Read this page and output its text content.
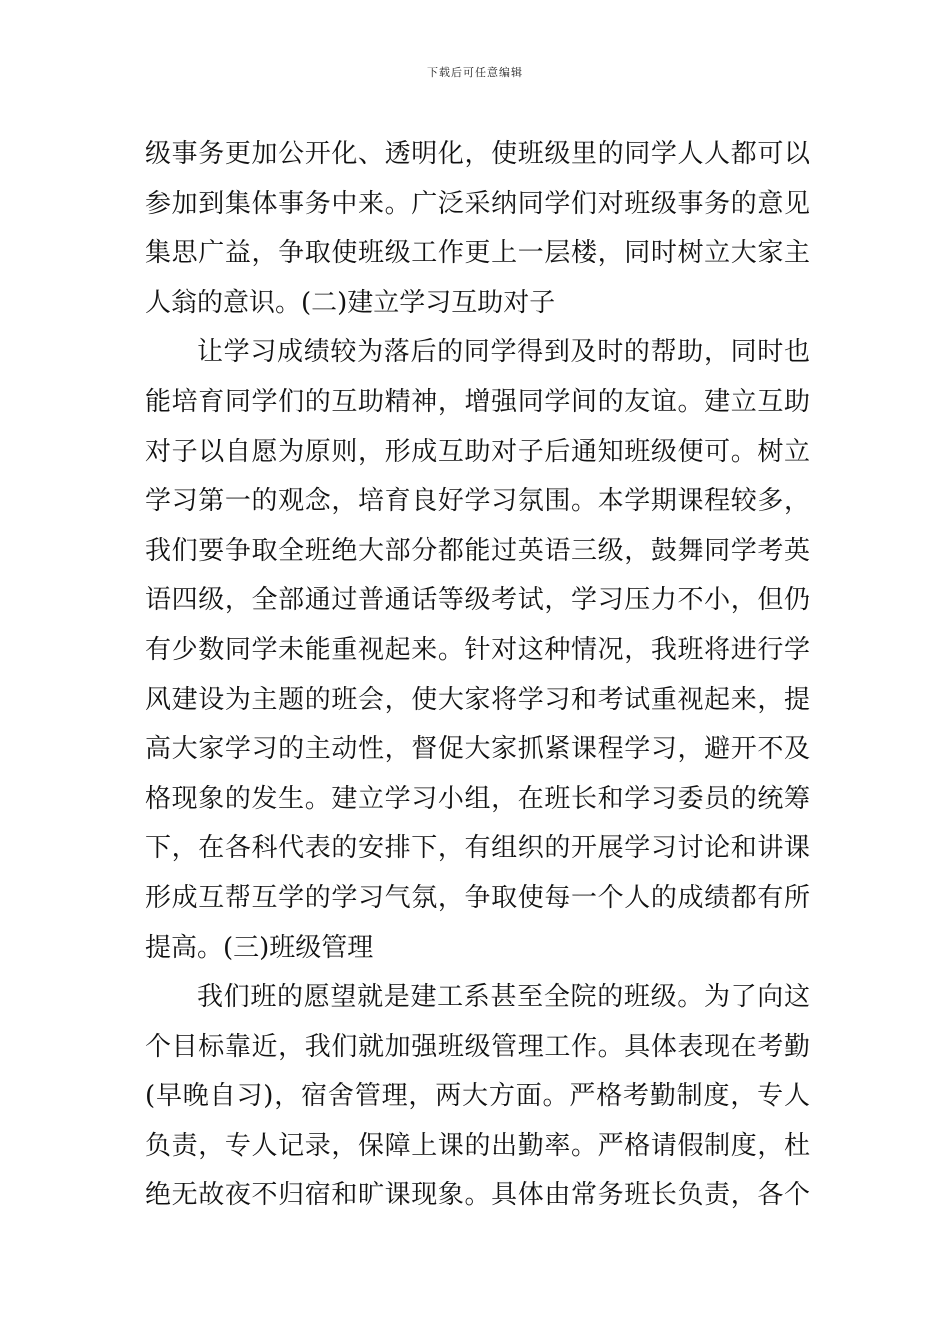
下载后可任意编辑
级事务更加公开化、透明化，使班级里的同学人人都可以
参加到集体事务中来。广泛采纳同学们对班级事务的意见
集思广益，争取使班级工作更上一层楼，同时树立大家主
人翁的意识。(二)建立学习互助对子
让学习成绩较为落后的同学得到及时的帮助，同时也
能培育同学们的互助精神，增强同学间的友谊。建立互助
对子以自愿为原则，形成互助对子后通知班级便可。树立
学习第一的观念，培育良好学习氛围。本学期课程较多，
我们要争取全班绝大部分都能过英语三级，鼓舞同学考英
语四级，全部通过普通话等级考试，学习压力不小，但仍
有少数同学未能重视起来。针对这种情况，我班将进行学
风建设为主题的班会，使大家将学习和考试重视起来，提
高大家学习的主动性，督促大家抓紧课程学习，避开不及
格现象的发生。建立学习小组，在班长和学习委员的统筹
下，在各科代表的安排下，有组织的开展学习讨论和讲课
形成互帮互学的学习气氛，争取使每一个人的成绩都有所
提高。(三)班级管理
我们班的愿望就是建工系甚至全院的班级。为了向这
个目标靠近，我们就加强班级管理工作。具体表现在考勤
(早晚自习)，宿舍管理，两大方面。严格考勤制度，专人
负责，专人记录，保障上课的出勤率。严格请假制度，杜
绝无故夜不归宿和旷课现象。具体由常务班长负责，各个
